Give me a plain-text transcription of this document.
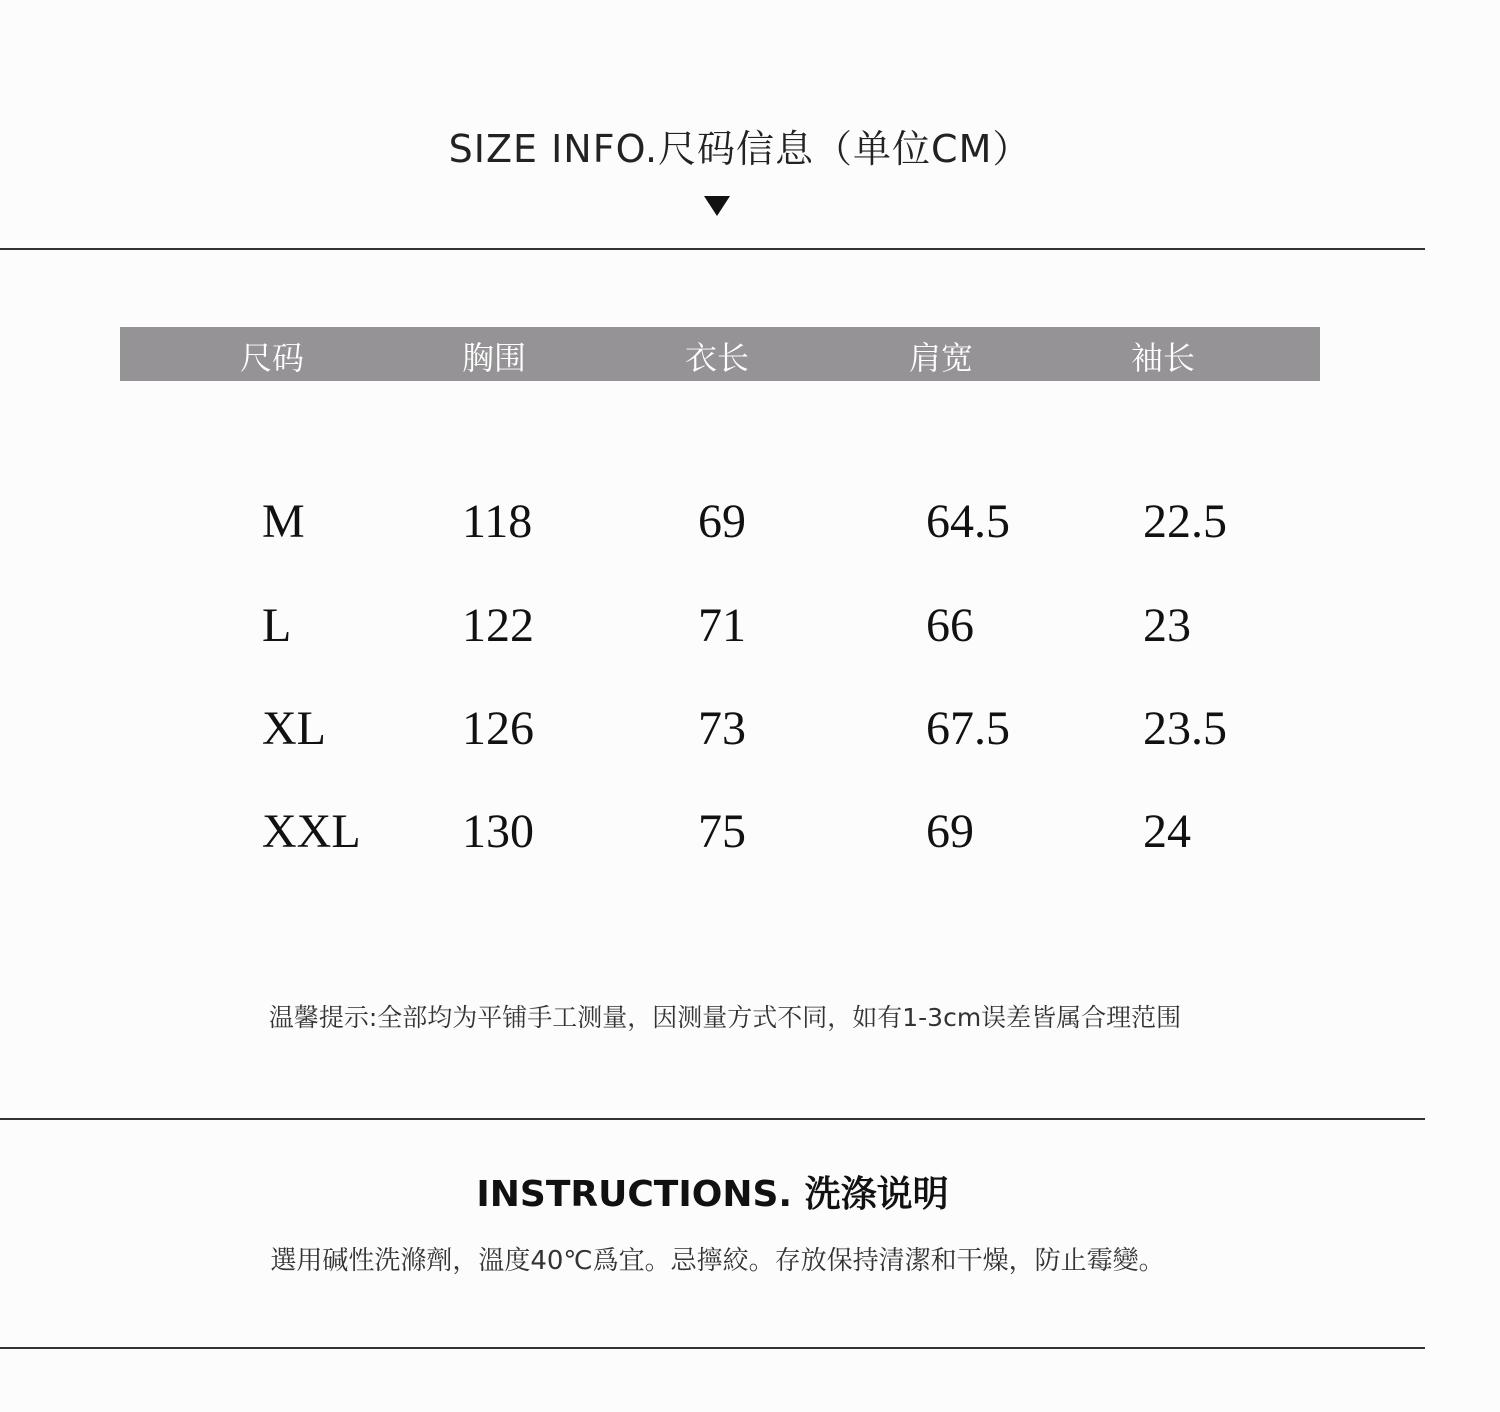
SIZE INFO.尺码信息（单位CM）
尺码	胸围	衣长	肩宽	袖长
M	118	69	64.5	22.5
L	122	71	66	23
XL	126	73	67.5	23.5
XXL 130	75	69	24
温馨提示:全部均为平铺手工测量，因测量方式不同，如有1-3cm误差皆属合理范围
INSTRUCTIONS. 洗涤说明
選用碱性洗滌劑，溫度40℃爲宜。忌擰絞。存放保持清潔和干燥，防止霉變。
